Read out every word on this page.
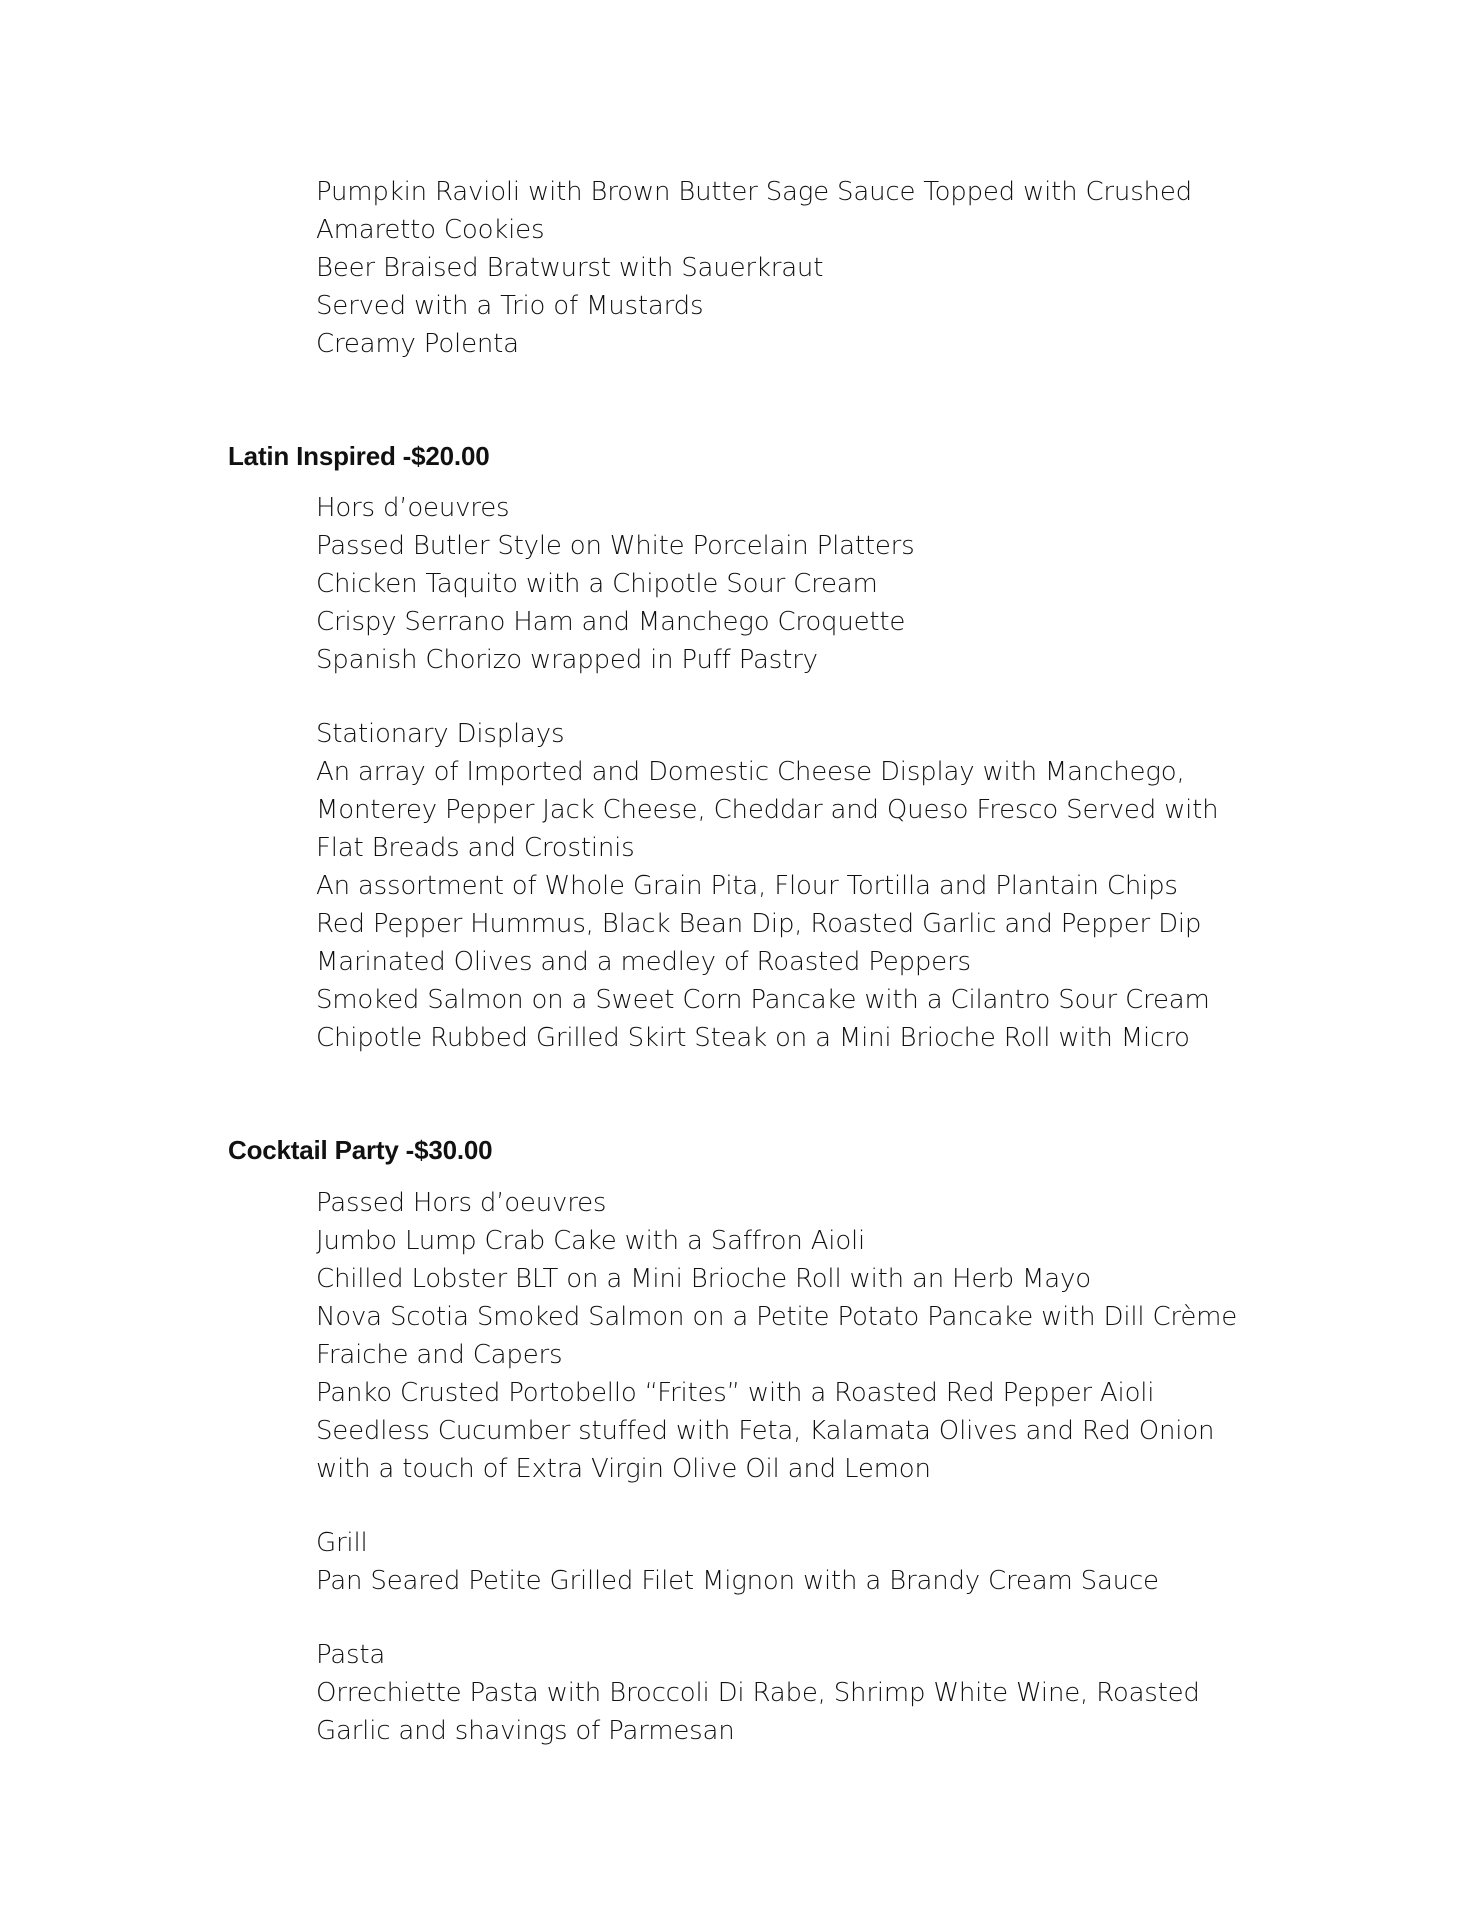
Pumpkin Ravioli with Brown Butter Sage Sauce Topped with Crushed
Amaretto Cookies
Beer Braised Bratwurst with Sauerkraut
Served with a Trio of Mustards
Creamy Polenta
Latin Inspired -$20.00
Hors d’oeuvres
Passed Butler Style on White Porcelain Platters
Chicken Taquito with a Chipotle Sour Cream
Crispy Serrano Ham and Manchego Croquette
Spanish Chorizo wrapped in Puff Pastry
Stationary Displays
An array of Imported and Domestic Cheese Display with Manchego,
Monterey Pepper Jack Cheese, Cheddar and Queso Fresco Served with
Flat Breads and Crostinis
An assortment of Whole Grain Pita, Flour Tortilla and Plantain Chips
Red Pepper Hummus, Black Bean Dip, Roasted Garlic and Pepper Dip
Marinated Olives and a medley of Roasted Peppers
Smoked Salmon on a Sweet Corn Pancake with a Cilantro Sour Cream
Chipotle Rubbed Grilled Skirt Steak on a Mini Brioche Roll with Micro
Cocktail Party -$30.00
Passed Hors d’oeuvres
Jumbo Lump Crab Cake with a Saffron Aioli
Chilled Lobster BLT on a Mini Brioche Roll with an Herb Mayo
Nova Scotia Smoked Salmon on a Petite Potato Pancake with Dill Crème
Fraiche and Capers
Panko Crusted Portobello “Frites” with a Roasted Red Pepper Aioli
Seedless Cucumber stuffed with Feta, Kalamata Olives and Red Onion
with a touch of Extra Virgin Olive Oil and Lemon
Grill
Pan Seared Petite Grilled Filet Mignon with a Brandy Cream Sauce
Pasta
Orrechiette Pasta with Broccoli Di Rabe, Shrimp White Wine, Roasted
Garlic and shavings of Parmesan
